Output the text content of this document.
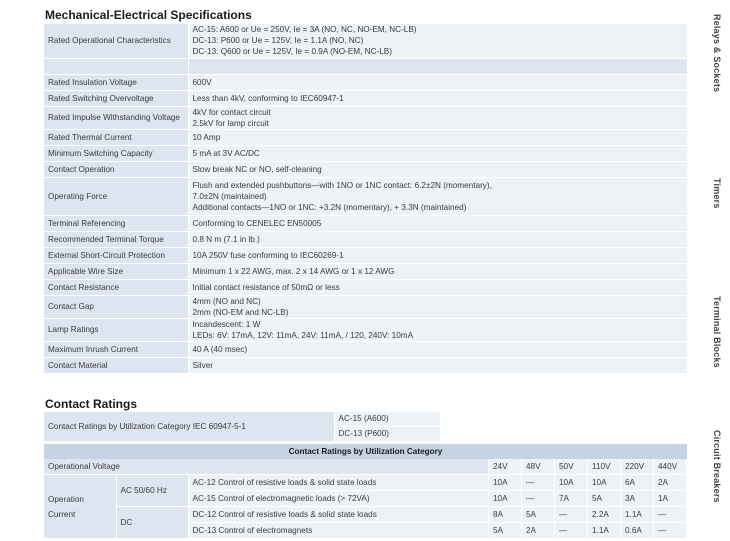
Mechanical-Electrical Specifications
Rated Operational Characteristics	AC-15: A600 or Ue = 250V, Ie = 3A (NO, NC, NO-EM, NC-LB)
DC-13: P600 or Ue = 125V, Ie = 1.1A (NO, NC)
DC-13: Q600 or Ue = 125V, Ie = 0.9A (NO-EM, NC-LB)

Rated Insulation Voltage	600V

Rated Switching Overvoltage	Less than 4kV, conforming to IEC60947-1

Rated Impulse Withstanding Voltage	4kV for contact circuit
2.5kV for lamp circuit

Rated Thermal Current	10 Amp

Minimum Switching Capacity	5 mA at 3V AC/DC

Contact Operation	Slow break NC or NO, self-cleaning

Operating Force	Flush and extended pushbuttons—with 1NO or 1NC contact: 6.2±2N (momentary),
7.0±2N (maintained)
Additional contacts—1NO or 1NC: +3.2N (momentary), + 3.3N (maintained)

Terminal Referencing	Conforming to CENELEC EN50005

Recommended Terminal Torque	0.8 N m (7.1 in lb.)

External Short-Circuit Protection	10A 250V fuse conforming to IEC60269-1

Applicable Wire Size	Minimum 1 x 22 AWG, max. 2 x 14 AWG or 1 x 12 AWG

Contact Resistance	Initial contact resistance of 50mΩ or less

Contact Gap	4mm (NO and NC)
2mm (NO-EM and NC-LB)

Lamp Ratings	Incandescent: 1 W
LEDs: 6V: 17mA, 12V: 11mA, 24V: 11mA, / 120, 240V: 10mA

Maximum Inrush Current	40 A (40 msec)

Contact Material	Silver
Contact Ratings
Contact Ratings by Utilization Category IEC 60947-5-1	AC-15 (A600)
DC-13 (P600)
Contact Ratings by Utilization Category
Operational Voltage			24V	48V	50V	110V	220V	440V
Operation Current	AC 50/60 Hz	AC-12 Control of resistive loads & solid state loads	10A	—	10A	10A	6A	2A
		AC-15 Control of electromagnetic loads (> 72VA)	10A	—	7A	5A	3A	1A
	DC	DC-12 Control of resistive loads & solid state loads	8A	5A	—	2.2A	1.1A	—
		DC-13 Control of electromagnets	5A	2A	—	1.1A	0.6A	—
Relays & Sockets
Timers
Terminal Blocks
Circuit Breakers
